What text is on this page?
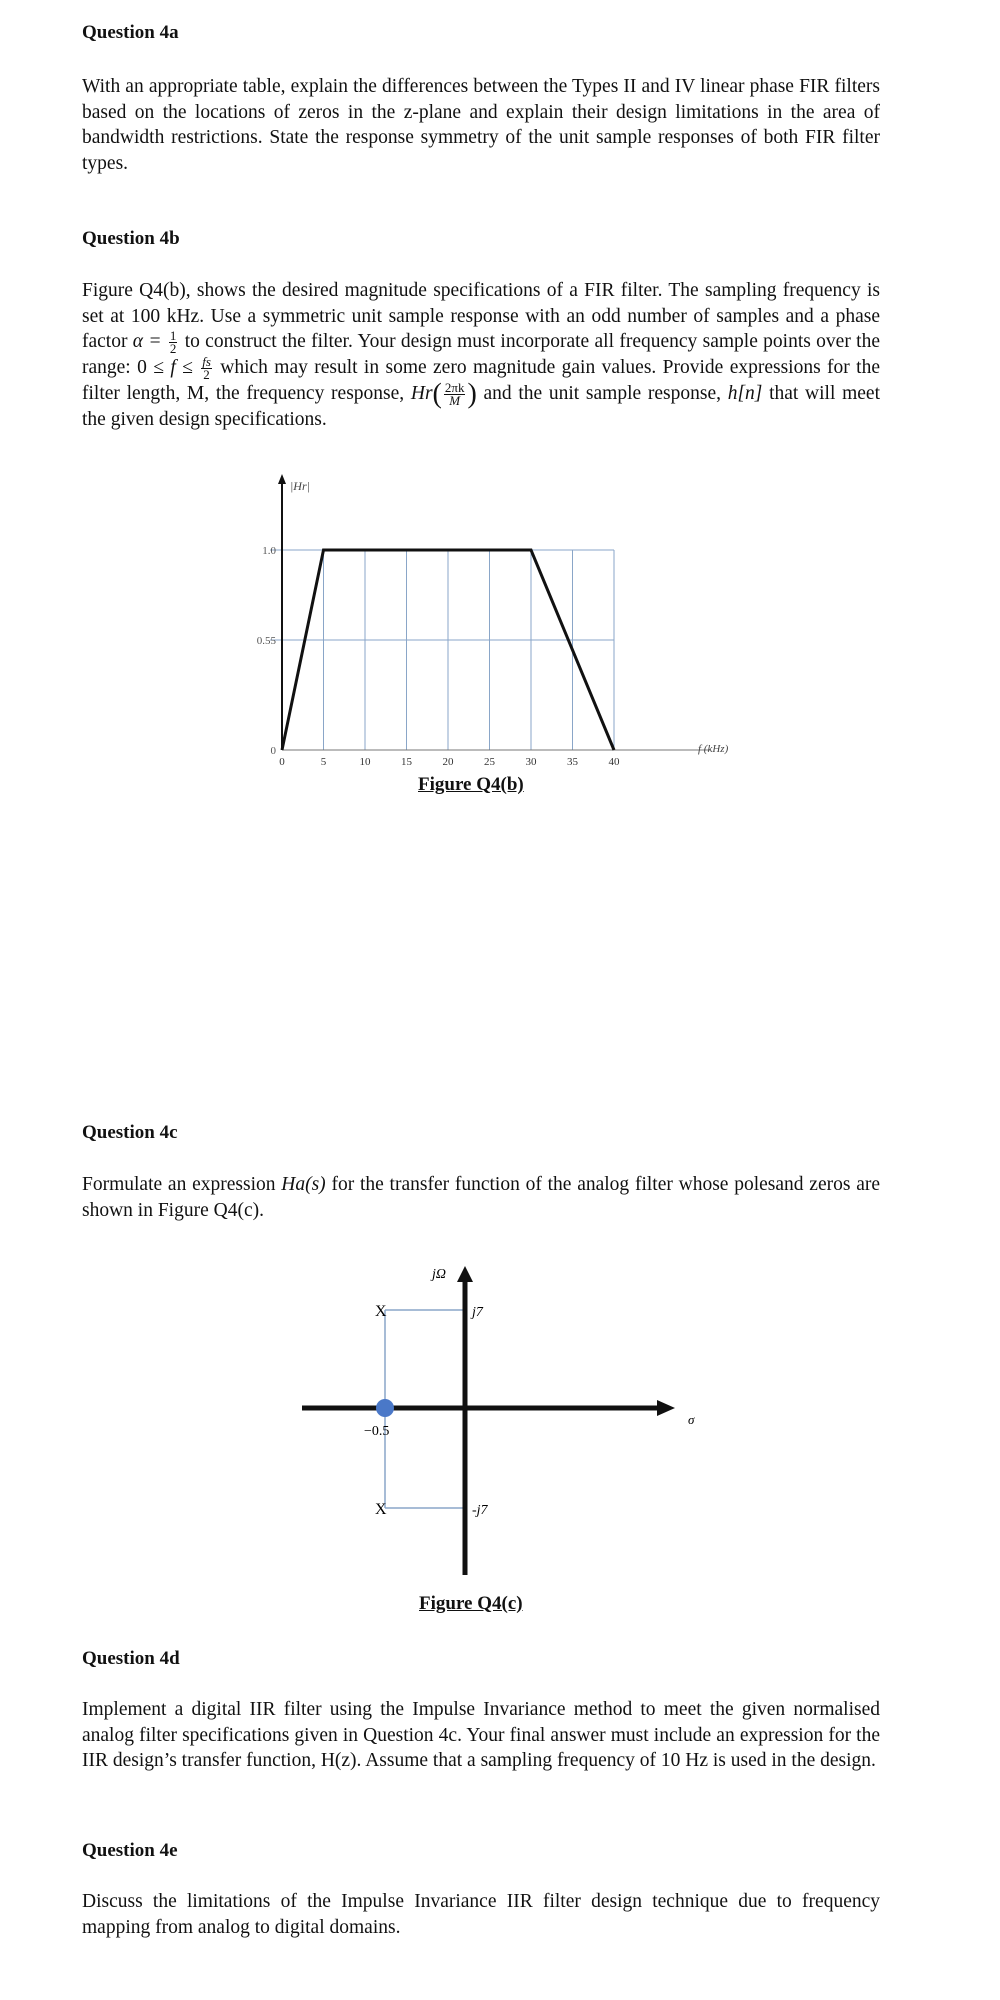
Question 4a

With an appropriate table, explain the differences between the Types II and IV linear phase FIR filters based on the locations of zeros in the z-plane and explain their design limitations in the area of bandwidth restrictions. State the response symmetry of the unit sample responses of both FIR filter types.

Question 4b

Figure Q4(b), shows the desired magnitude specifications of a FIR filter. The sampling frequency is set at 100 kHz. Use a symmetric unit sample response with an odd number of samples and a phase factor $\alpha = \frac{1}{2}$ to construct the filter. Your design must incorporate all frequency sample points over the range: $0 \le f \le \frac{fs}{2}$ which may result in some zero magnitude gain values. Provide expressions for the filter length, M, the frequency response, $Hr( \frac{2\pi k}{M})$ and the unit sample response, h[n] that will meet the given design specifications.

|Hr|
f (kHz)
0	5	10	15	20	25	30	35	40
0
0.55
1.0
Figure Q4(b)
Question 4c

Formulate an expression Ha(s) for the transfer function of the analog filter whose polesand zeros are shown in Figure Q4(c).

jΩ
σ
j7
-j7
−0.5
X
X
Figure Q4(c)
Question 4d

Implement a digital IIR filter using the Impulse Invariance method to meet the given normalised analog filter specifications given in Question 4c. Your final answer must include an expression for the IIR design’s transfer function, H(z). Assume that a sampling frequency of 10 Hz is used in the design.

Question 4e

Discuss the limitations of the Impulse Invariance IIR filter design technique due to frequency mapping from analog to digital domains.
